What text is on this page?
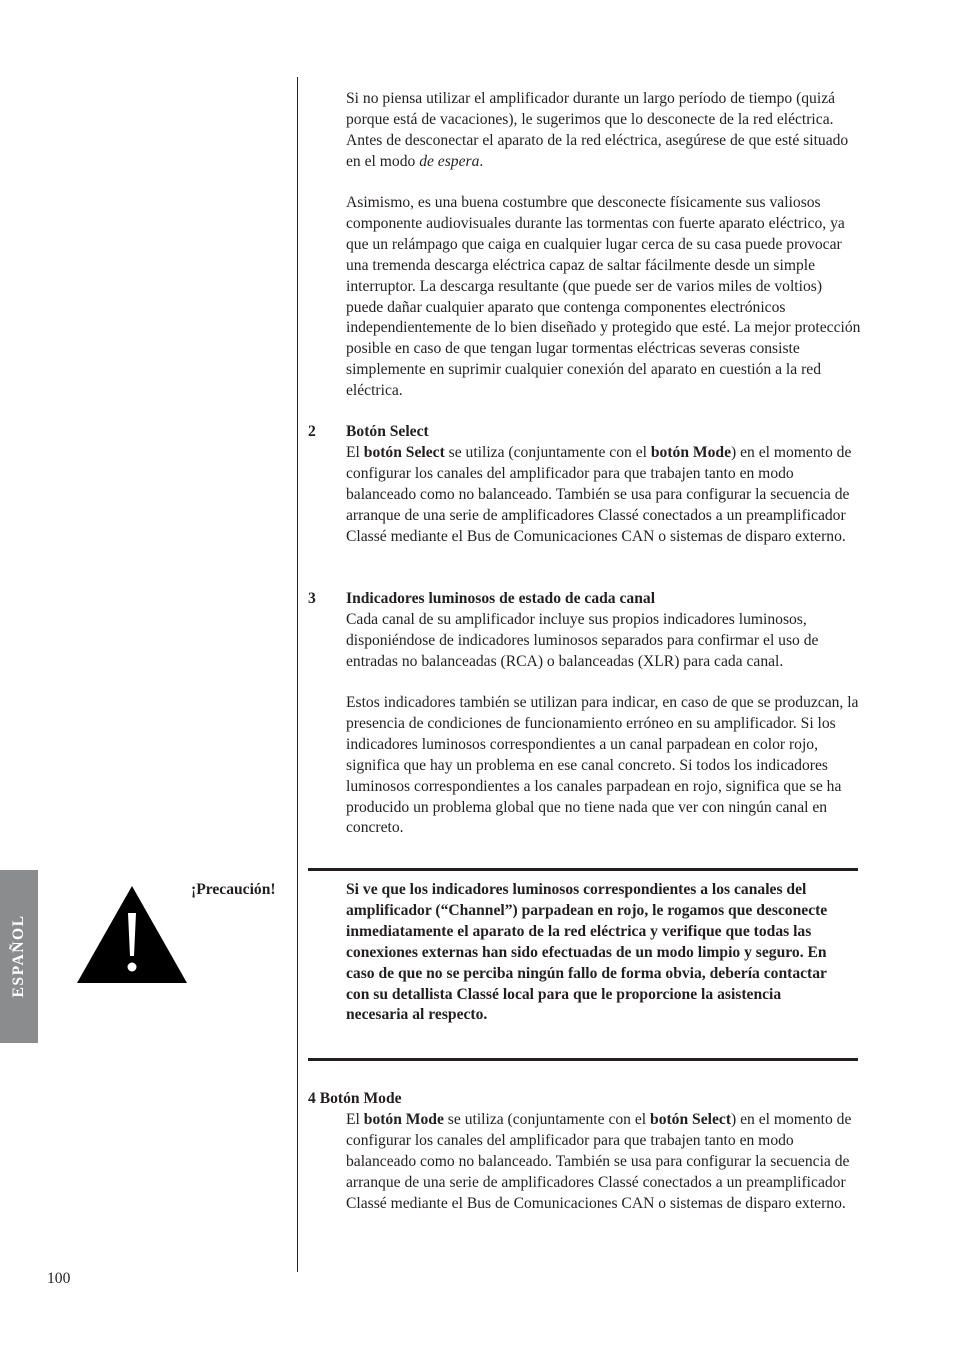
Si no piensa utilizar el amplificador durante un largo período de tiempo (quizá porque está de vacaciones), le sugerimos que lo desconecte de la red eléctrica. Antes de desconectar el aparato de la red eléctrica, asegúrese de que esté situado en el modo de espera.

Asimismo, es una buena costumbre que desconecte físicamente sus valiosos componente audiovisuales durante las tormentas con fuerte aparato eléctrico, ya que un relámpago que caiga en cualquier lugar cerca de su casa puede provocar una tremenda descarga eléctrica capaz de saltar fácilmente desde un simple interruptor. La descarga resultante (que puede ser de varios miles de voltios) puede dañar cualquier aparato que contenga componentes electrónicos independientemente de lo bien diseñado y protegido que esté. La mejor protección posible en caso de que tengan lugar tormentas eléctricas severas consiste simplemente en suprimir cualquier conexión del aparato en cuestión a la red eléctrica.

2 Botón Select

El botón Select se utiliza (conjuntamente con el botón Mode) en el momento de configurar los canales del amplificador para que trabajen tanto en modo balanceado como no balanceado. También se usa para configurar la secuencia de arranque de una serie de amplificadores Classé conectados a un preamplificador Classé mediante el Bus de Comunicaciones CAN o sistemas de disparo externo.

3 Indicadores luminosos de estado de cada canal

Cada canal de su amplificador incluye sus propios indicadores luminosos, disponiéndose de indicadores luminosos separados para confirmar el uso de entradas no balanceadas (RCA) o balanceadas (XLR) para cada canal.

Estos indicadores también se utilizan para indicar, en caso de que se produzcan, la presencia de condiciones de funcionamiento erróneo en su amplificador. Si los indicadores luminosos correspondientes a un canal parpadean en color rojo, significa que hay un problema en ese canal concreto. Si todos los indicadores luminosos correspondientes a los canales parpadean en rojo, significa que se ha producido un problema global que no tiene nada que ver con ningún canal en concreto.

¡Precaución!	Si ve que los indicadores luminosos correspondientes a los canales del amplificador (“Channel”) parpadean en rojo, le rogamos que desconecte inmediatamente el aparato de la red eléctrica y verifique que todas las conexiones externas han sido efectuadas de un modo limpio y seguro. En caso de que no se perciba ningún fallo de forma obvia, debería contactar con su detallista Classé local para que le proporcione la asistencia necesaria al respecto.

ESPAÑOL
4 Botón Mode

El botón Mode se utiliza (conjuntamente con el botón Select) en el momento de configurar los canales del amplificador para que trabajen tanto en modo balanceado como no balanceado. También se usa para configurar la secuencia de arranque de una serie de amplificadores Classé conectados a un preamplificador Classé mediante el Bus de Comunicaciones CAN o sistemas de disparo externo.

100
